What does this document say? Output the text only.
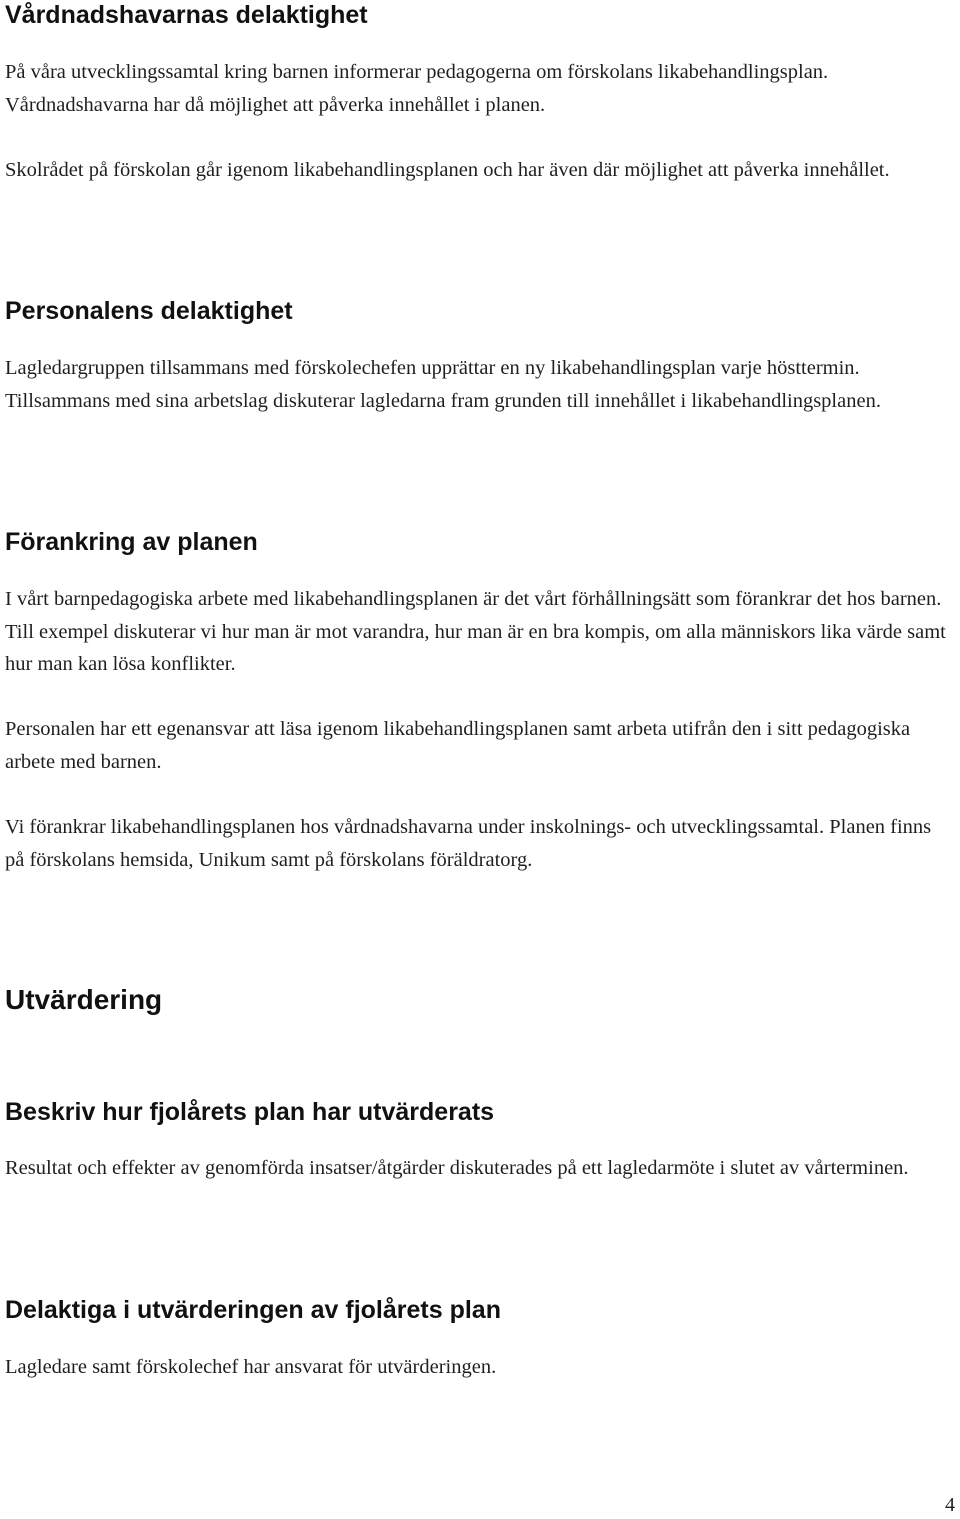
Vårdnadshavarnas delaktighet

På våra utvecklingssamtal kring barnen informerar pedagogerna om förskolans likabehandlingsplan. Vårdnadshavarna har då möjlighet att påverka innehållet i planen.

Skolrådet på förskolan går igenom likabehandlingsplanen och har även där möjlighet att påverka innehållet.

Personalens delaktighet

Lagledargruppen tillsammans med förskolechefen upprättar en ny likabehandlingsplan varje hösttermin. Tillsammans med sina arbetslag diskuterar lagledarna fram grunden till innehållet i likabehandlingsplanen.

Förankring av planen

I vårt barnpedagogiska arbete med likabehandlingsplanen är det vårt förhållningsätt som förankrar det hos barnen. Till exempel diskuterar vi hur man är mot varandra, hur man är en bra kompis, om alla människors lika värde samt hur man kan lösa konflikter.

Personalen har ett egenansvar att läsa igenom likabehandlingsplanen samt arbeta utifrån den i sitt pedagogiska arbete med barnen.

Vi förankrar likabehandlingsplanen hos vårdnadshavarna under inskolnings- och utvecklingssamtal. Planen finns på förskolans hemsida, Unikum samt på förskolans föräldratorg.

Utvärdering
Beskriv hur fjolårets plan har utvärderats

Resultat och effekter av genomförda insatser/åtgärder diskuterades på ett lagledarmöte i slutet av vårterminen.

Delaktiga i utvärderingen av fjolårets plan

Lagledare samt förskolechef har ansvarat för utvärderingen.

4
